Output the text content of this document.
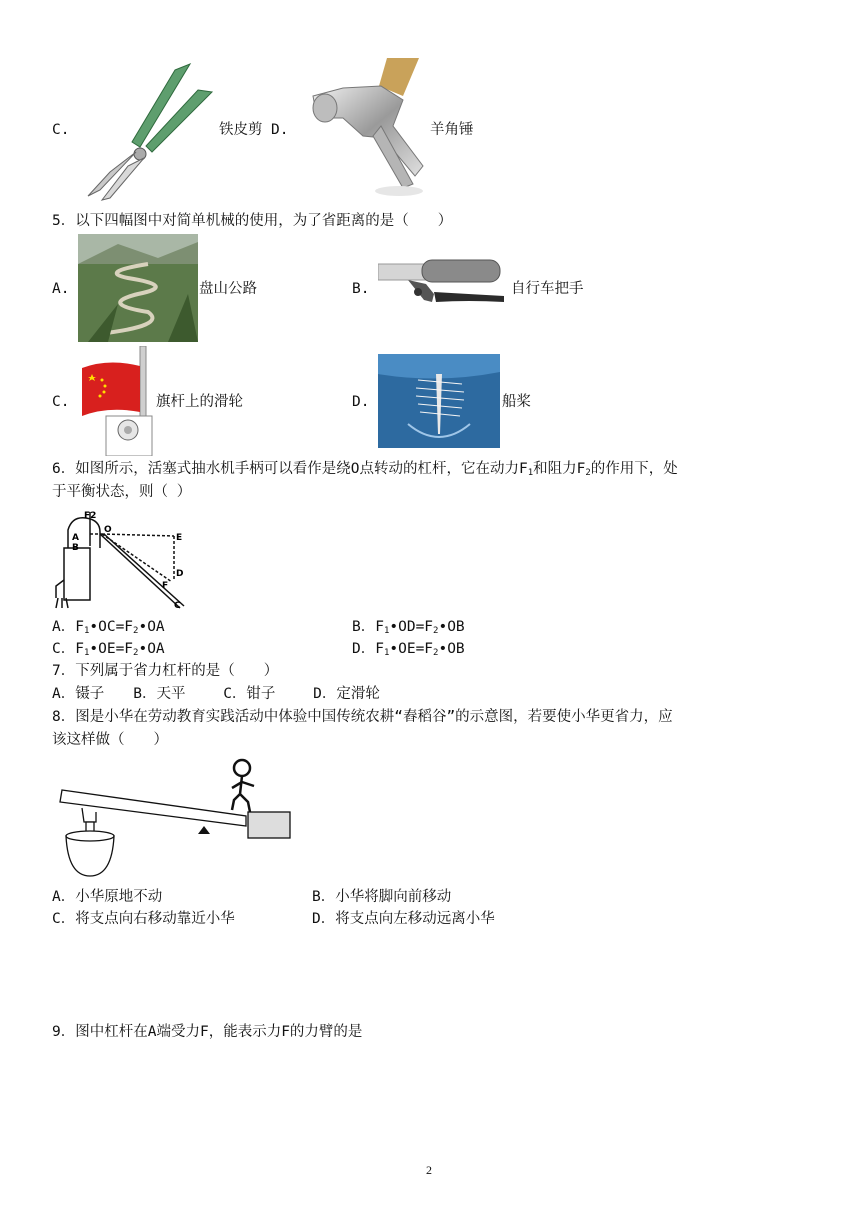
C.	铁皮剪 D.	羊角锤
5．以下四幅图中对简单机械的使用，为了省距离的是（　　）
A.	盘山公路	B.	自行车把手
C.	旗杆上的滑轮	D.	船桨
6．如图所示，活塞式抽水机手柄可以看作是绕O点转动的杠杆，它在动力$F_1$和阻力$F_2$的作用下，处
于平衡状态，则（ ）
F2
A
B
O
E
D
F
C
A．$F_1•OC=F_2•OA$	B．$F_1•OD=F_2•OB$
C．$F_1•OE=F_2•OA$	D．$F_1•OE=F_2•OB$
7．下列属于省力杠杆的是（　　）
A．镊子　　B．天平　　 C．钳子　　 D．定滑轮
8．图是小华在劳动教育实践活动中体验中国传统农耕“舂稻谷”的示意图，若要使小华更省力，应
该这样做（　　）
A．小华原地不动	B．小华将脚向前移动
C．将支点向右移动靠近小华	D．将支点向左移动远离小华
9．图中杠杆在A端受力F，能表示力F的力臂的是
2
